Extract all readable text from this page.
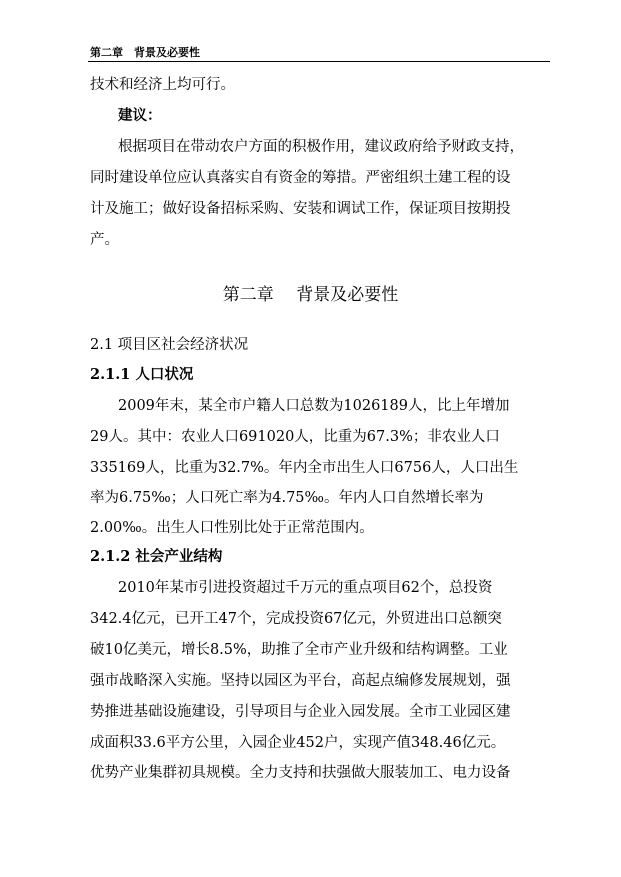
第二章　背景及必要性
技术和经济上均可行。
建议：
根据项目在带动农户方面的积极作用，建议政府给予财政支持，
同时建设单位应认真落实自有资金的筹措。严密组织土建工程的设
计及施工；做好设备招标采购、安装和调试工作，保证项目按期投
产。
第二章　 背景及必要性
2.1 项目区社会经济状况
2.1.1 人口状况
2009年末，某全市户籍人口总数为1026189人，比上年增加
29人。其中：农业人口691020人，比重为67.3%；非农业人口
335169人，比重为32.7%。年内全市出生人口6756人，人口出生
率为6.75‰；人口死亡率为4.75‰。年内人口自然增长率为
2.00‰。出生人口性别比处于正常范围内。
2.1.2 社会产业结构
2010年某市引进投资超过千万元的重点项目62个，总投资
342.4亿元，已开工47个，完成投资67亿元，外贸进出口总额突
破10亿美元，增长8.5%，助推了全市产业升级和结构调整。工业
强市战略深入实施。坚持以园区为平台，高起点编修发展规划，强
势推进基础设施建设，引导项目与企业入园发展。全市工业园区建
成面积33.6平方公里，入园企业452户，实现产值348.46亿元。
优势产业集群初具规模。全力支持和扶强做大服装加工、电力设备
